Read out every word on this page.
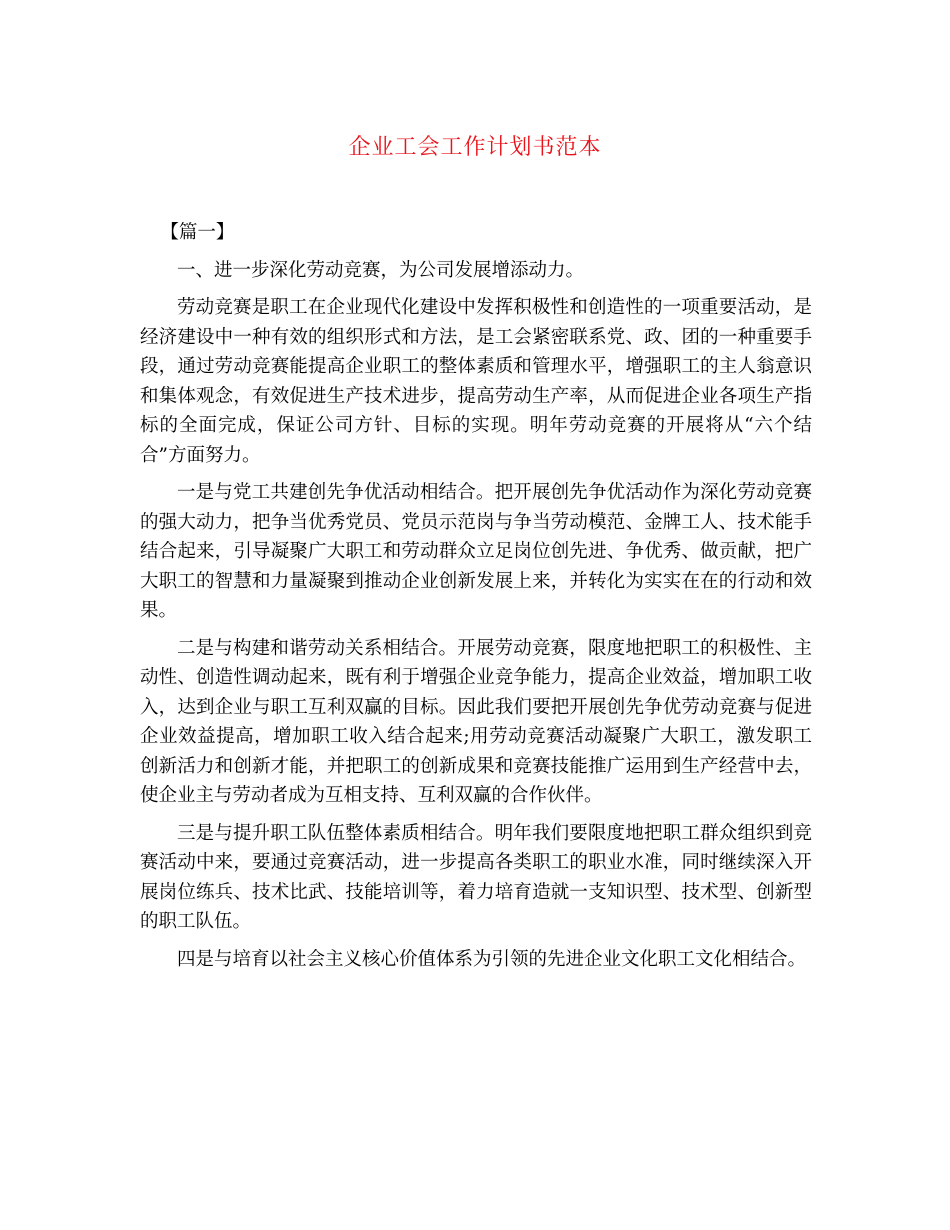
企业工会工作计划书范本

【篇一】

一、进一步深化劳动竞赛，为公司发展增添动力。

劳动竞赛是职工在企业现代化建设中发挥积极性和创造性的一项重要活动，是经济建设中一种有效的组织形式和方法，是工会紧密联系党、政、团的一种重要手段，通过劳动竞赛能提高企业职工的整体素质和管理水平，增强职工的主人翁意识和集体观念，有效促进生产技术进步，提高劳动生产率，从而促进企业各项生产指标的全面完成，保证公司方针、目标的实现。明年劳动竞赛的开展将从“六个结合”方面努力。

一是与党工共建创先争优活动相结合。把开展创先争优活动作为深化劳动竞赛的强大动力，把争当优秀党员、党员示范岗与争当劳动模范、金牌工人、技术能手结合起来，引导凝聚广大职工和劳动群众立足岗位创先进、争优秀、做贡献，把广大职工的智慧和力量凝聚到推动企业创新发展上来，并转化为实实在在的行动和效果。

二是与构建和谐劳动关系相结合。开展劳动竞赛，限度地把职工的积极性、主动性、创造性调动起来，既有利于增强企业竞争能力，提高企业效益，增加职工收入，达到企业与职工互利双赢的目标。因此我们要把开展创先争优劳动竞赛与促进企业效益提高，增加职工收入结合起来;用劳动竞赛活动凝聚广大职工，激发职工创新活力和创新才能，并把职工的创新成果和竞赛技能推广运用到生产经营中去，使企业主与劳动者成为互相支持、互利双赢的合作伙伴。

三是与提升职工队伍整体素质相结合。明年我们要限度地把职工群众组织到竞赛活动中来，要通过竞赛活动，进一步提高各类职工的职业水准，同时继续深入开展岗位练兵、技术比武、技能培训等，着力培育造就一支知识型、技术型、创新型的职工队伍。

四是与培育以社会主义核心价值体系为引领的先进企业文化职工文化相结合。
